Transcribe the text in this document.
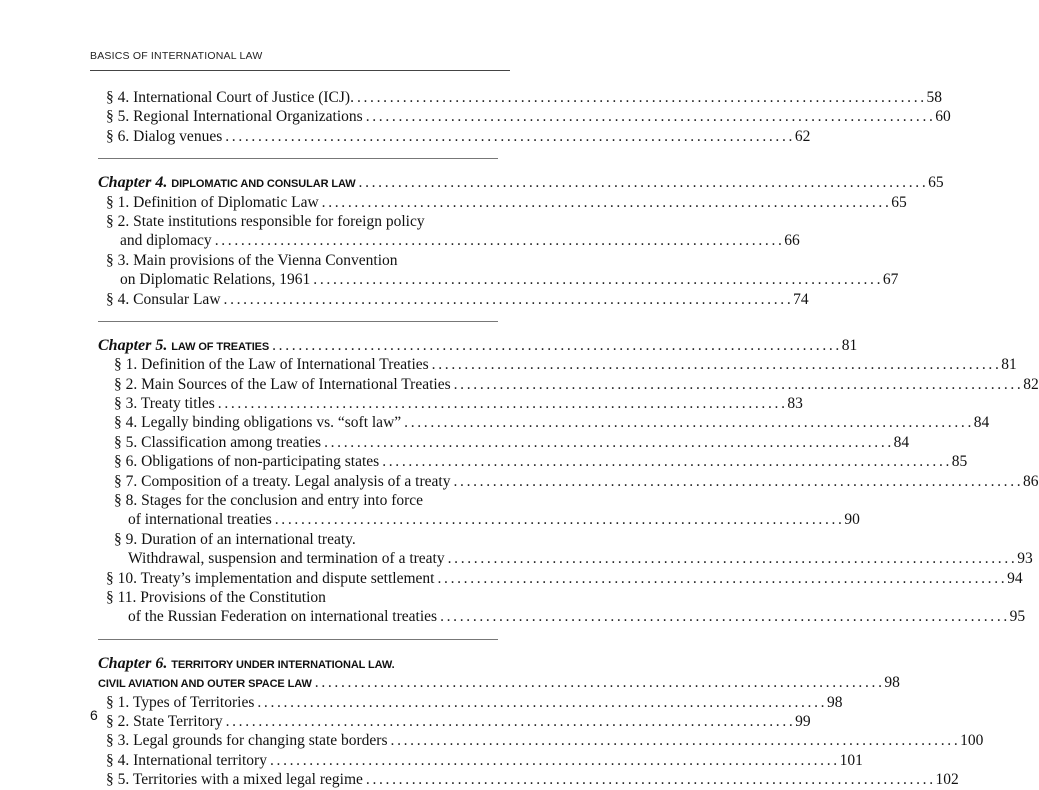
BASICS OF INTERNATIONAL LAW
§ 4. International Court of Justice (ICJ). . . .	58
§ 5. Regional International Organizations . . .	60
§ 6. Dialog venues . . .	62
Chapter 4. DIPLOMATIC AND CONSULAR LAW . . .	65
§ 1. Definition of Diplomatic Law . . .	65
§ 2. State institutions responsible for foreign policy
and diplomacy . . .	66
§ 3. Main provisions of the Vienna Convention
on Diplomatic Relations, 1961 . . .	67
§ 4. Consular Law . . .	74
Chapter 5. LAW OF TREATIES . . .	81
§ 1. Definition of the Law of International Treaties . . .	81
§ 2. Main Sources of the Law of International Treaties . . .	82
§ 3. Treaty titles . . .	83
§ 4. Legally binding obligations vs. “soft law” . . .	84
§ 5. Classification among treaties . . .	84
§ 6. Obligations of non-participating states . . .	85
§ 7. Composition of a treaty. Legal analysis of a treaty . . .	86
§ 8. Stages for the conclusion and entry into force
of international treaties . . .	90
§ 9. Duration of an international treaty.
Withdrawal, suspension and termination of a treaty . . .	93
§ 10. Treaty’s implementation and dispute settlement . . .	94
§ 11. Provisions of the Constitution
of the Russian Federation on international treaties . . .	95
Chapter 6. TERRITORY UNDER INTERNATIONAL LAW.
CIVIL AVIATION AND OUTER SPACE LAW . . .	98
§ 1. Types of Territories . . .	98
§ 2. State Territory . . .	99
§ 3. Legal grounds for changing state borders . . .	100
§ 4. International territory . . .	101
§ 5. Territories with a mixed legal regime . . .	102
6
